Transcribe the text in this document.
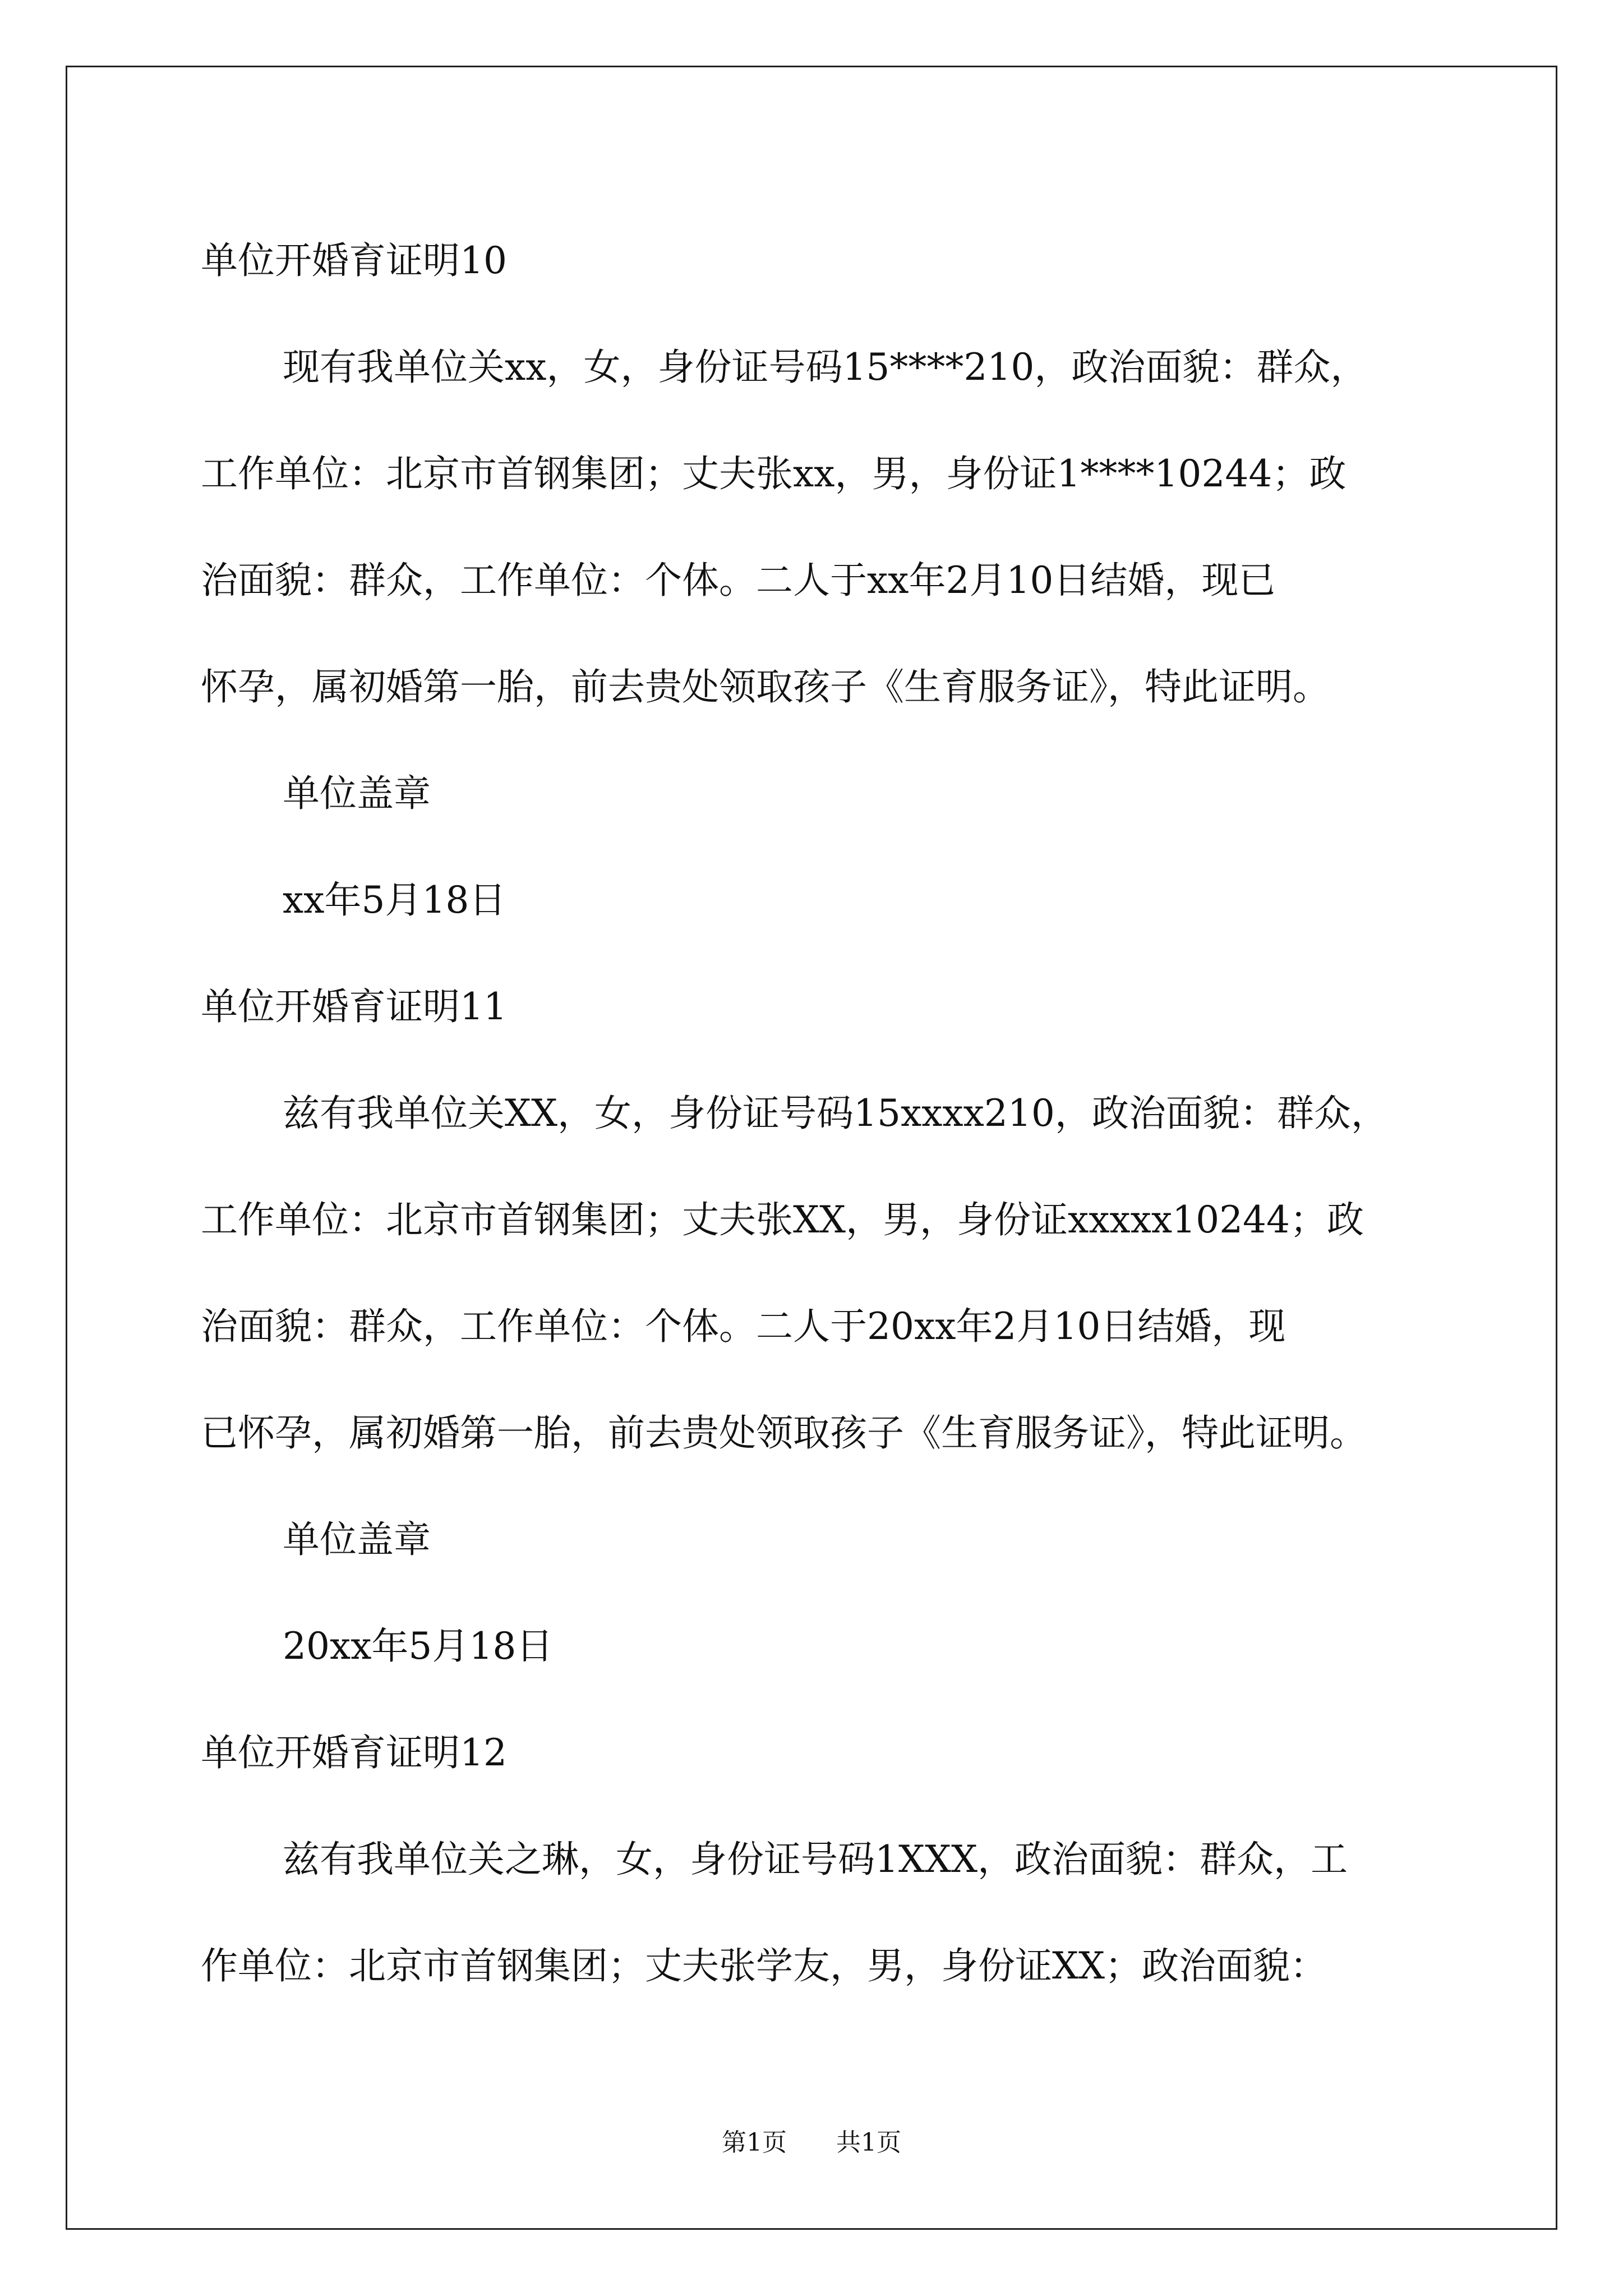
单位开婚育证明10
现有我单位关xx，女，身份证号码15****210，政治面貌：群众，
工作单位：北京市首钢集团；丈夫张xx，男，身份证1****10244；政
治面貌：群众，工作单位：个体。二人于xx年2月10日结婚，现已
怀孕，属初婚第一胎，前去贵处领取孩子《生育服务证》，特此证明。
单位盖章
xx年5月18日
单位开婚育证明11
兹有我单位关XX，女，身份证号码15xxxx210，政治面貌：群众，
工作单位：北京市首钢集团；丈夫张XX，男，身份证xxxxx10244；政
治面貌：群众，工作单位：个体。二人于20xx年2月10日结婚，现
已怀孕，属初婚第一胎，前去贵处领取孩子《生育服务证》，特此证明。
单位盖章
20xx年5月18日
单位开婚育证明12
兹有我单位关之琳，女，身份证号码1XXX，政治面貌：群众，工
作单位：北京市首钢集团；丈夫张学友，男，身份证XX；政治面貌：
第1页 共1页
